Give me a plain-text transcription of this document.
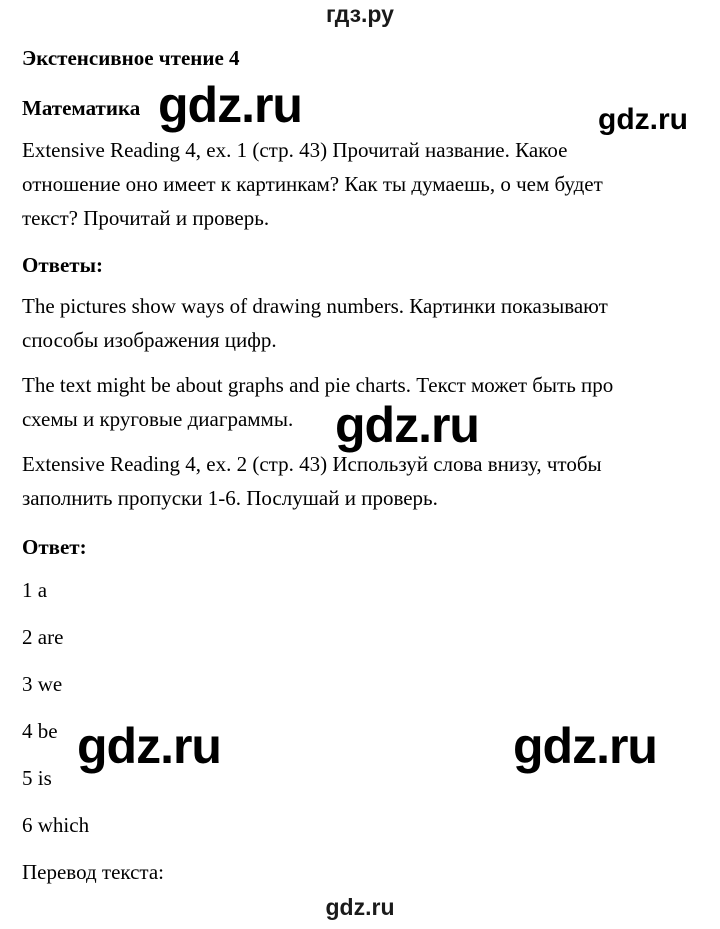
гдз.ру
Экстенсивное чтение 4
Математика
Extensive Reading 4, ex. 1 (стр. 43) Прочитай название. Какое
отношение оно имеет к картинкам? Как ты думаешь, о чем будет
текст? Прочитай и проверь.
Ответы:
The pictures show ways of drawing numbers. Картинки показывают
способы изображения цифр.
The text might be about graphs and pie charts. Текст может быть про
схемы и круговые диаграммы.
Extensive Reading 4, ex. 2 (стр. 43) Используй слова внизу, чтобы
заполнить пропуски 1-6. Послушай и проверь.
Ответ:
1 a
2 are
3 we
4 be
5 is
6 which
Перевод текста:
gdz.ru	gdz.ru
gdz.ru
gdz.ru	gdz.ru
gdz.ru
